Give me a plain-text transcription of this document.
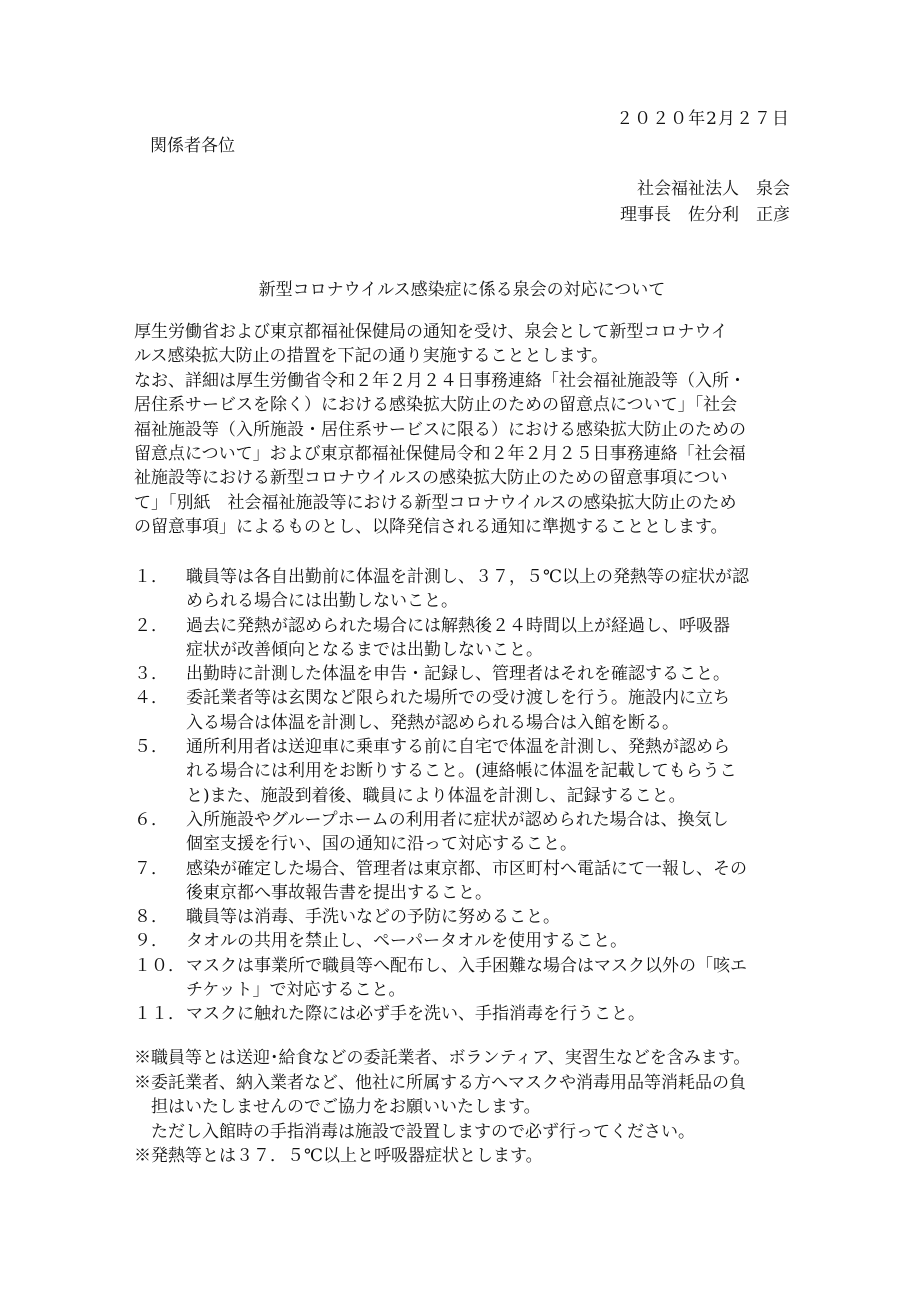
２０２０年2月２７日
関係者各位
社会福祉法人　泉会
理事長　佐分利　正彦
新型コロナウイルス感染症に係る泉会の対応について
厚生労働省および東京都福祉保健局の通知を受け、泉会として新型コロナウイ
ルス感染拡大防止の措置を下記の通り実施することとします。
なお、詳細は厚生労働省令和２年２月２４日事務連絡「社会福祉施設等（入所・
居住系サービスを除く）における感染拡大防止のための留意点について」「社会
福祉施設等（入所施設・居住系サービスに限る）における感染拡大防止のための
留意点について」および東京都福祉保健局令和２年２月２５日事務連絡「社会福
祉施設等における新型コロナウイルスの感染拡大防止のための留意事項につい
て」「別紙　社会福祉施設等における新型コロナウイルスの感染拡大防止のため
の留意事項」によるものとし、以降発信される通知に準拠することとします。
１．	職員等は各自出勤前に体温を計測し、３７，５℃以上の発熱等の症状が認
められる場合には出勤しないこと。
２．	過去に発熱が認められた場合には解熱後２４時間以上が経過し、呼吸器
症状が改善傾向となるまでは出勤しないこと。
３．	出勤時に計測した体温を申告・記録し、管理者はそれを確認すること。
４．	委託業者等は玄関など限られた場所での受け渡しを行う。施設内に立ち
入る場合は体温を計測し、発熱が認められる場合は入館を断る。
５．	通所利用者は送迎車に乗車する前に自宅で体温を計測し、発熱が認めら
れる場合には利用をお断りすること。(連絡帳に体温を記載してもらうこ
と)また、施設到着後、職員により体温を計測し、記録すること。
６．	入所施設やグループホームの利用者に症状が認められた場合は、換気し
個室支援を行い、国の通知に沿って対応すること。
７．	感染が確定した場合、管理者は東京都、市区町村へ電話にて一報し、その
後東京都へ事故報告書を提出すること。
８．	職員等は消毒、手洗いなどの予防に努めること。
９．	タオルの共用を禁止し、ペーパータオルを使用すること。
１０． マスクは事業所で職員等へ配布し、入手困難な場合はマスク以外の「咳エ
チケット」で対応すること。
１１． マスクに触れた際には必ず手を洗い、手指消毒を行うこと。
※職員等とは送迎･給食などの委託業者、ボランティア、実習生などを含みます。
※委託業者、納入業者など、他社に所属する方へマスクや消毒用品等消耗品の負
担はいたしませんのでご協力をお願いいたします。
ただし入館時の手指消毒は施設で設置しますので必ず行ってください。
※発熱等とは３７．５℃以上と呼吸器症状とします。
